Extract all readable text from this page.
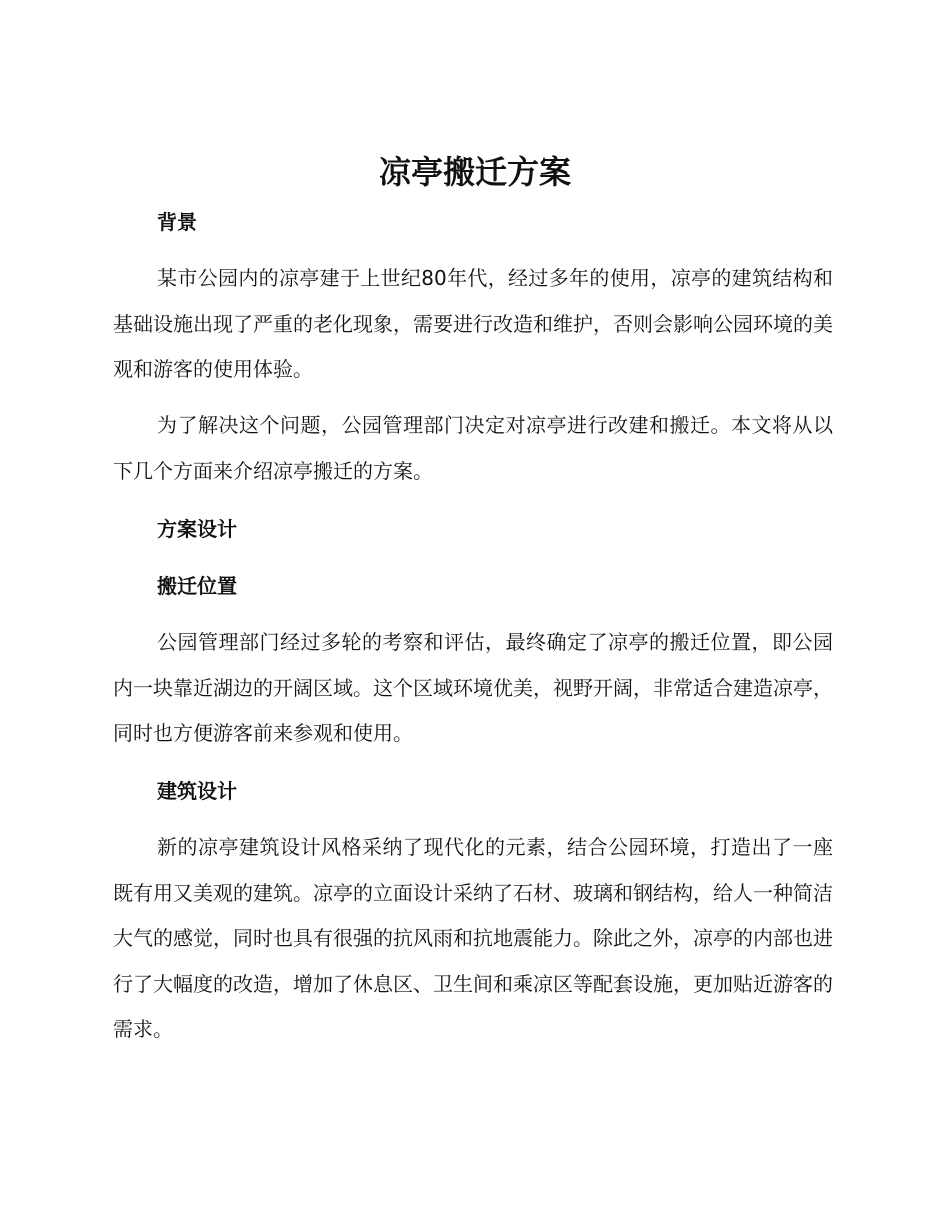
凉亭搬迁方案
背景

某市公园内的凉亭建于上世纪80年代，经过多年的使用，凉亭的建筑结构和基础设施出现了严重的老化现象，需要进行改造和维护，否则会影响公园环境的美观和游客的使用体验。

为了解决这个问题，公园管理部门决定对凉亭进行改建和搬迁。本文将从以下几个方面来介绍凉亭搬迁的方案。

方案设计
搬迁位置

公园管理部门经过多轮的考察和评估，最终确定了凉亭的搬迁位置，即公园内一块靠近湖边的开阔区域。这个区域环境优美，视野开阔，非常适合建造凉亭，同时也方便游客前来参观和使用。

建筑设计

新的凉亭建筑设计风格采纳了现代化的元素，结合公园环境，打造出了一座既有用又美观的建筑。凉亭的立面设计采纳了石材、玻璃和钢结构，给人一种简洁大气的感觉，同时也具有很强的抗风雨和抗地震能力。除此之外，凉亭的内部也进行了大幅度的改造，增加了休息区、卫生间和乘凉区等配套设施，更加贴近游客的需求。
